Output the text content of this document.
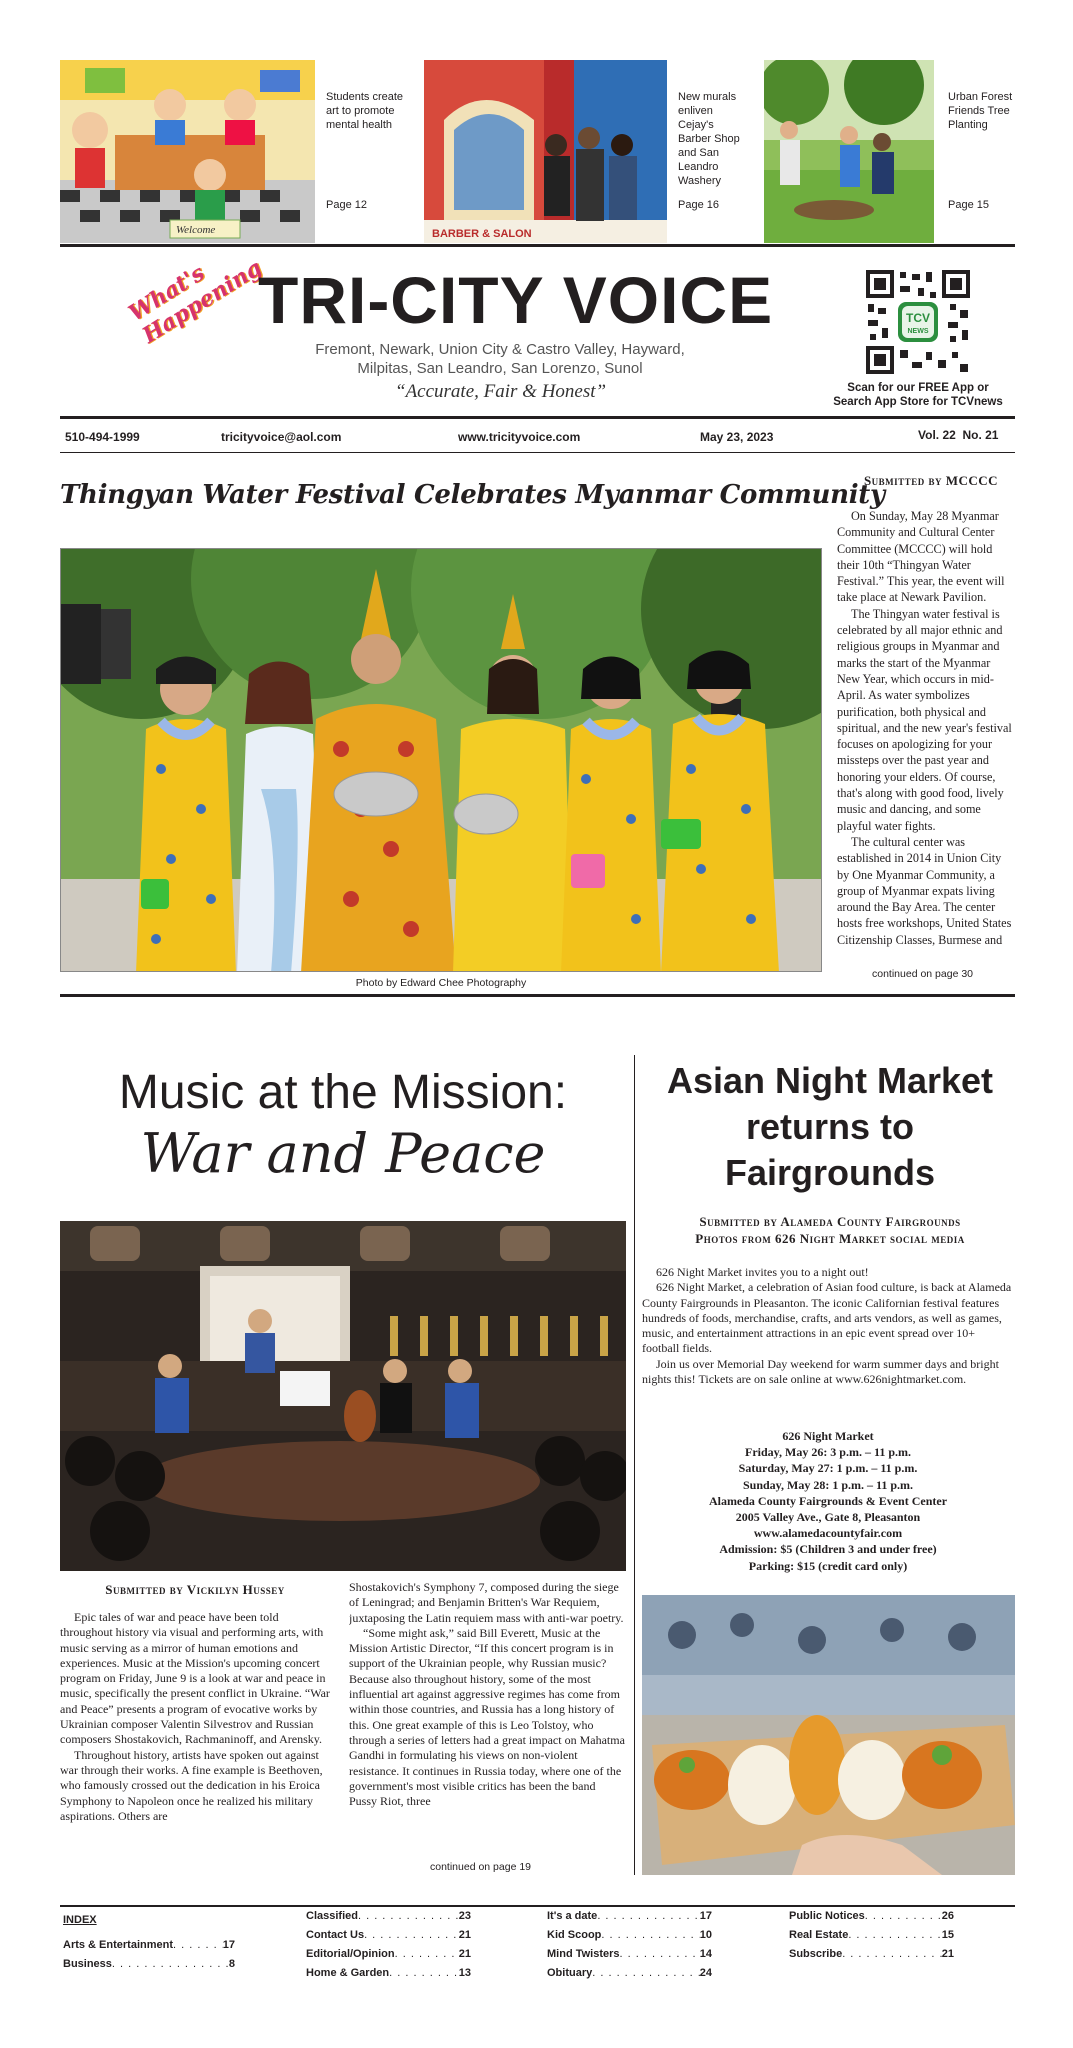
Welcome
Students create art to promote mental health
Page 12
BARBER & SALON
New murals enliven Cejay's Barber Shop and San Leandro Washery
Page 16
Urban Forest Friends Tree Planting
Page 15
What's Happening
TRI-CITY VOICE
Fremont, Newark, Union City & Castro Valley, Hayward,
Milpitas, San Leandro, San Lorenzo, Sunol
“Accurate, Fair & Honest”
TCV
NEWS
Scan for our FREE App or
Search App Store for TCVnews
510-494-1999	tricityvoice@aol.com	www.tricityvoice.com	May 23, 2023	Vol. 22  No. 21
Thingyan Water Festival Celebrates Myanmar Community
Photo by Edward Chee Photography
Submitted by MCCCC

On Sunday, May 28 Myanmar Community and Cultural Center Committee (MCCCC) will hold their 10th “Thingyan Water Festival.” This year, the event will take place at Newark Pavilion.

The Thingyan water festival is celebrated by all major ethnic and religious groups in Myanmar and marks the start of the Myanmar New Year, which occurs in mid-April. As water symbolizes purification, both physical and spiritual, and the new year's festival focuses on apologizing for your missteps over the past year and honoring your elders. Of course, that's along with good food, lively music and dancing, and some playful water fights.

The cultural center was established in 2014 in Union City by One Myanmar Community, a group of Myanmar expats living around the Bay Area. The center hosts free workshops, United States Citizenship Classes, Burmese and

continued on page 30
Music at the Mission:
War and Peace
Submitted by Vickilyn Hussey

Epic tales of war and peace have been told throughout history via visual and performing arts, with music serving as a mirror of human emotions and experiences. Music at the Mission's upcoming concert program on Friday, June 9 is a look at war and peace in music, specifically the present conflict in Ukraine. “War and Peace” presents a program of evocative works by Ukrainian composer Valentin Silvestrov and Russian composers Shostakovich, Rachmaninoff, and Arensky.

Throughout history, artists have spoken out against war through their works. A fine example is Beethoven, who famously crossed out the dedication in his Eroica Symphony to Napoleon once he realized his military aspirations. Others are

Shostakovich's Symphony 7, composed during the siege of Leningrad; and Benjamin Britten's War Requiem, juxtaposing the Latin requiem mass with anti-war poetry.

“Some might ask,” said Bill Everett, Music at the Mission Artistic Director, “If this concert program is in support of the Ukrainian people, why Russian music? Because also throughout history, some of the most influential art against aggressive regimes has come from within those countries, and Russia has a long history of this. One great example of this is Leo Tolstoy, who through a series of letters had a great impact on Mahatma Gandhi in formulating his views on non-violent resistance. It continues in Russia today, where one of the government's most visible critics has been the band Pussy Riot, three

continued on page 19
Asian Night Market returns to Fairgrounds
Submitted by Alameda County Fairgrounds
Photos from 626 Night Market social media

626 Night Market invites you to a night out!

626 Night Market, a celebration of Asian food culture, is back at Alameda County Fairgrounds in Pleasanton. The iconic Californian festival features hundreds of foods, merchandise, crafts, and arts vendors, as well as games, music, and entertainment attractions in an epic event spread over 10+ football fields.

Join us over Memorial Day weekend for warm summer days and bright nights this! Tickets are on sale online at www.626nightmarket.com.

626 Night Market
Friday, May 26: 3 p.m. – 11 p.m.
Saturday, May 27: 1 p.m. – 11 p.m.
Sunday, May 28: 1 p.m. – 11 p.m.
Alameda County Fairgrounds & Event Center
2005 Valley Ave., Gate 8, Pleasanton
www.alamedacountyfair.com
Admission: $5 (Children 3 and under free)
Parking: $15 (credit card only)
INDEX
Arts & Entertainment . . .	17
Business . . .	8
Classified . . .	23
Contact Us . . .	21
Editorial/Opinion . . .	21
Home & Garden . . .	13
It's a date . . .	17
Kid Scoop . . .	10
Mind Twisters . . .	14
Obituary . . .	24
Public Notices . . .	26
Real Estate . . .	15
Subscribe . . .	21
